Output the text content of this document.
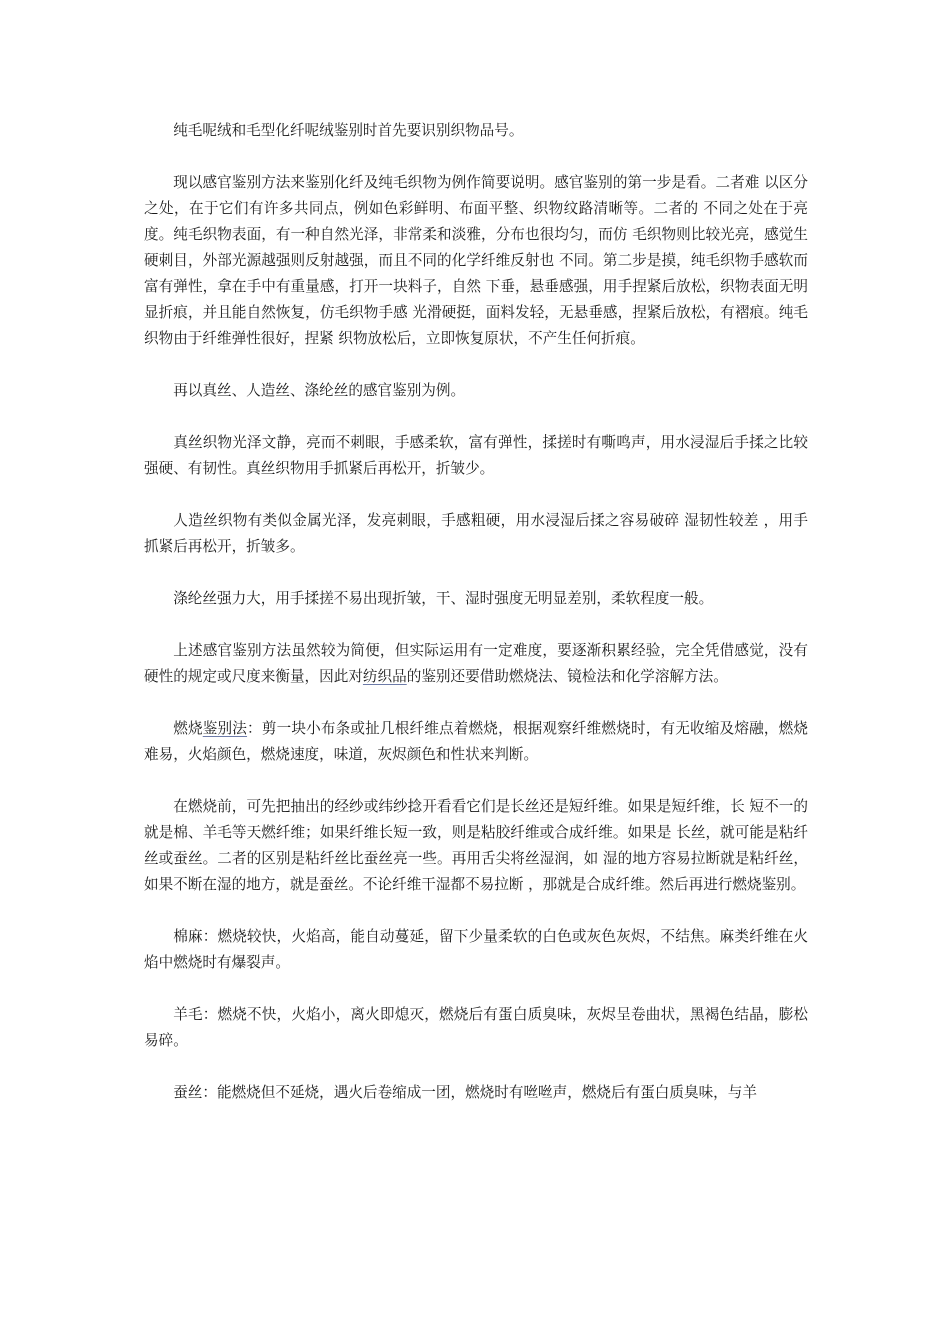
纯毛呢绒和毛型化纤呢绒鉴别时首先要识别织物品号。

现以感官鉴别方法来鉴别化纤及纯毛织物为例作简要说明。感官鉴别的第一步是看。二者难 以区分之处，在于它们有许多共同点，例如色彩鲜明、布面平整、织物纹路清晰等。二者的 不同之处在于亮度。纯毛织物表面，有一种自然光泽，非常柔和淡雅，分布也很均匀，而仿 毛织物则比较光亮，感觉生硬刺目，外部光源越强则反射越强，而且不同的化学纤维反射也 不同。第二步是摸，纯毛织物手感软而富有弹性，拿在手中有重量感，打开一块料子，自然 下垂，悬垂感强，用手捏紧后放松，织物表面无明显折痕，并且能自然恢复，仿毛织物手感 光滑硬挺，面料发轻，无悬垂感，捏紧后放松，有褶痕。纯毛织物由于纤维弹性很好，捏紧 织物放松后，立即恢复原状，不产生任何折痕。

再以真丝、人造丝、涤纶丝的感官鉴别为例。

真丝织物光泽文静，亮而不刺眼，手感柔软，富有弹性，揉搓时有嘶鸣声，用水浸湿后手揉之比较强硬、有韧性。真丝织物用手抓紧后再松开，折皱少。

人造丝织物有类似金属光泽，发亮刺眼，手感粗硬，用水浸湿后揉之容易破碎 湿韧性较差 ，用手抓紧后再松开，折皱多。

涤纶丝强力大，用手揉搓不易出现折皱，干、湿时强度无明显差别，柔软程度一般。

上述感官鉴别方法虽然较为简便，但实际运用有一定难度，要逐渐积累经验，完全凭借感觉，没有硬性的规定或尺度来衡量，因此对纺织品的鉴别还要借助燃烧法、镜检法和化学溶解方法。

燃烧鉴别法：剪一块小布条或扯几根纤维点着燃烧，根据观察纤维燃烧时，有无收缩及熔融，燃烧难易，火焰颜色，燃烧速度，味道，灰烬颜色和性状来判断。

在燃烧前，可先把抽出的经纱或纬纱捻开看看它们是长丝还是短纤维。如果是短纤维，长 短不一的就是棉、羊毛等天燃纤维；如果纤维长短一致，则是粘胶纤维或合成纤维。如果是 长丝，就可能是粘纤丝或蚕丝。二者的区别是粘纤丝比蚕丝亮一些。再用舌尖将丝湿润，如 湿的地方容易拉断就是粘纤丝，如果不断在湿的地方，就是蚕丝。不论纤维干湿都不易拉断 ，那就是合成纤维。然后再进行燃烧鉴别。

棉麻：燃烧较快，火焰高，能自动蔓延，留下少量柔软的白色或灰色灰烬，不结焦。麻类纤维在火焰中燃烧时有爆裂声。

羊毛：燃烧不快，火焰小，离火即熄灭，燃烧后有蛋白质臭味，灰烬呈卷曲状，黑褐色结晶，膨松易碎。

蚕丝：能燃烧但不延烧，遇火后卷缩成一团，燃烧时有咝咝声，燃烧后有蛋白质臭味，与羊
